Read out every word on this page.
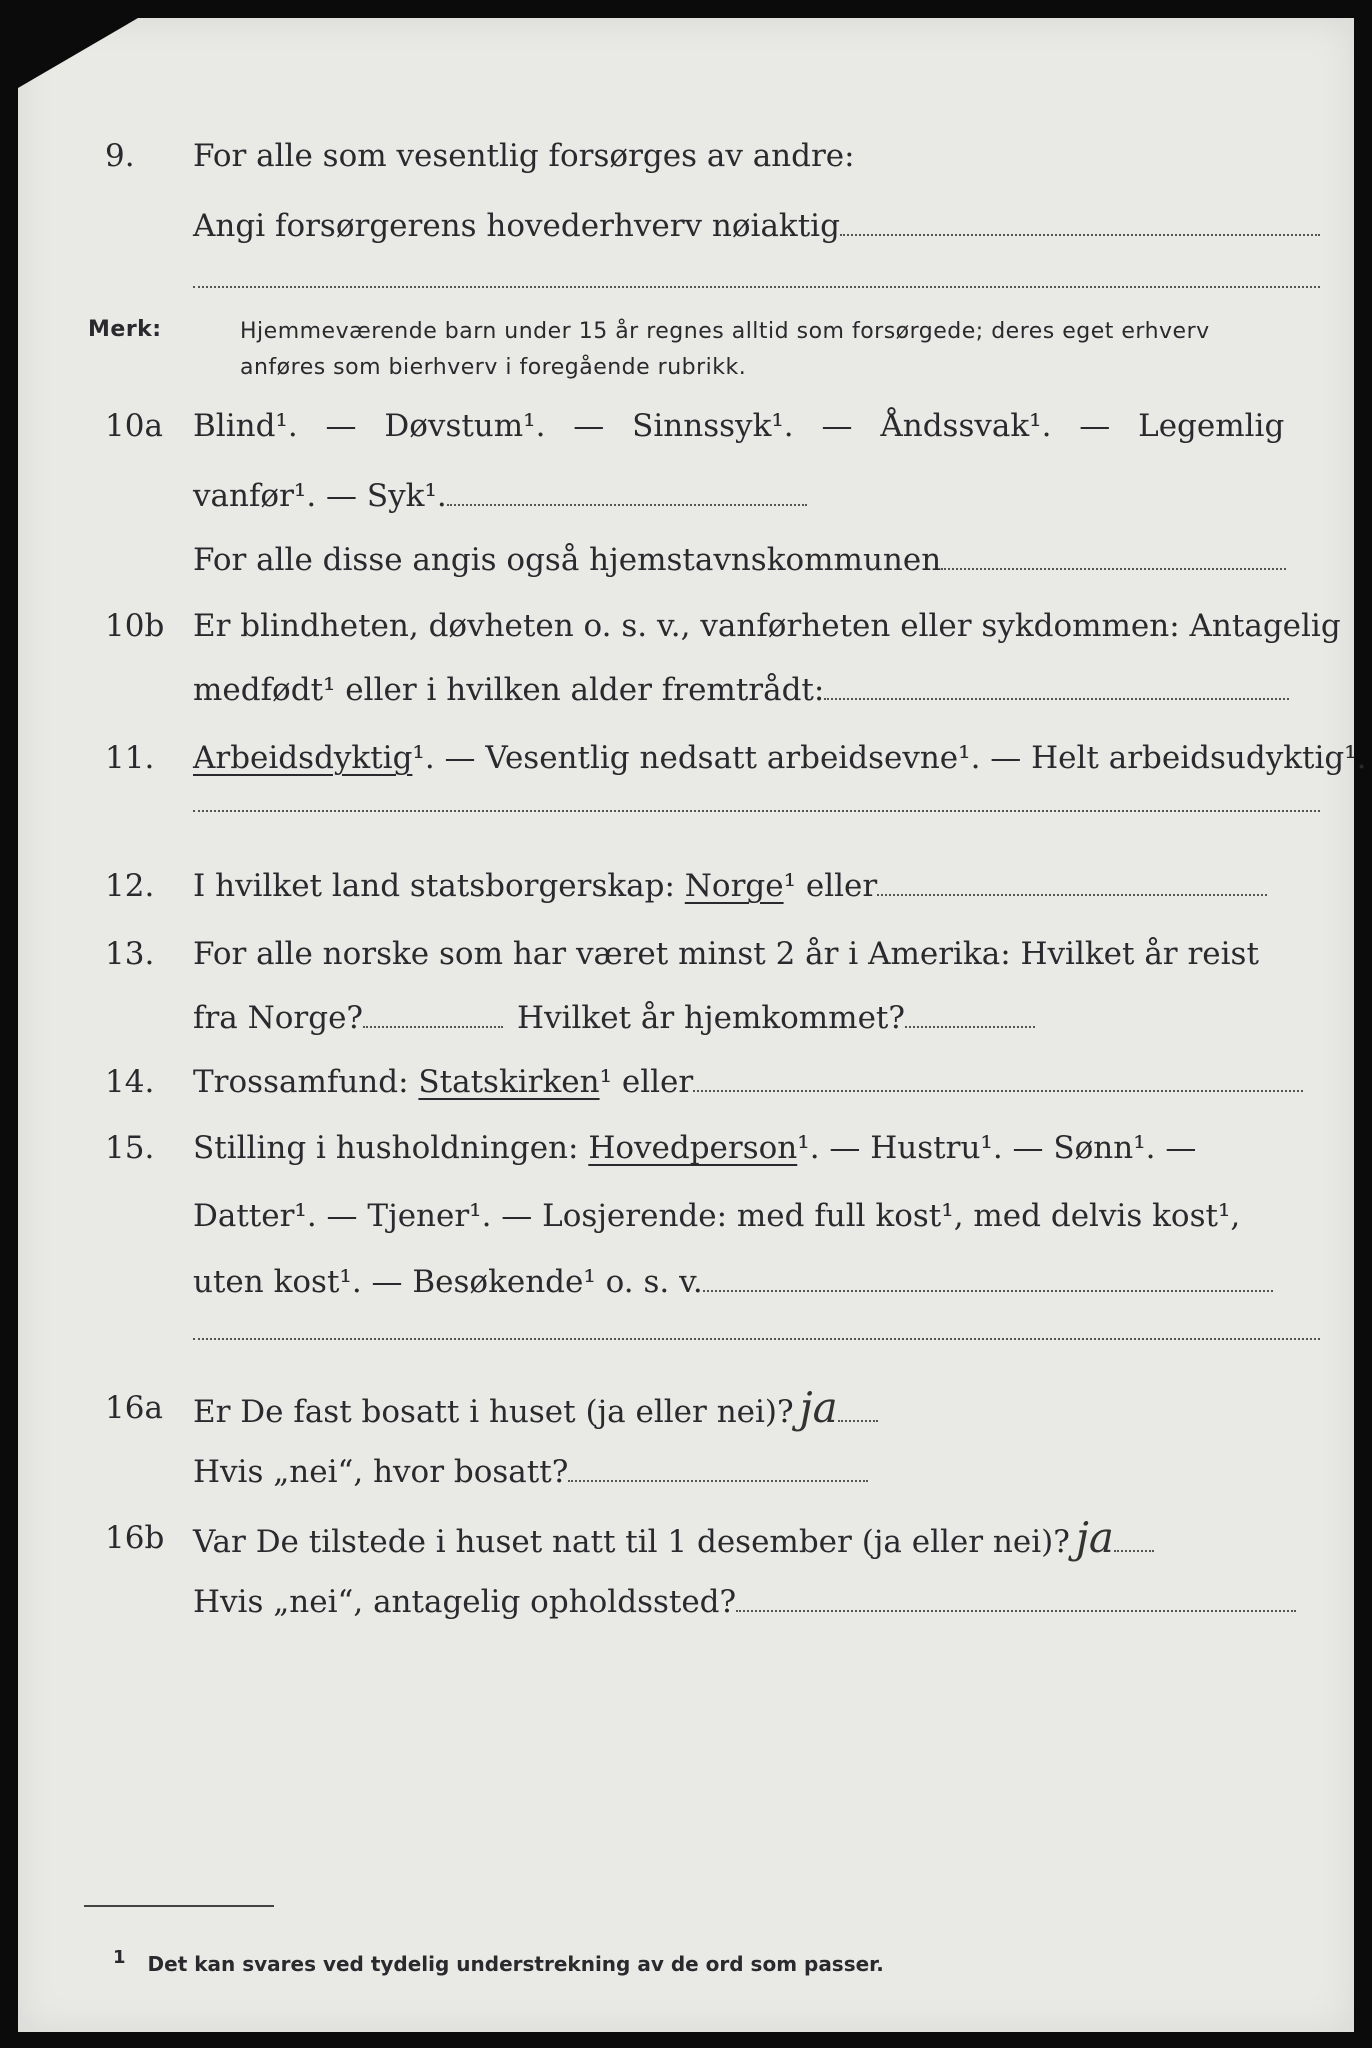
9. For alle som vesentlig forsørges av andre:
Angi forsørgerens hovederhverv nøiaktig
Merk:	Hjemmeværende barn under 15 år regnes alltid som forsørgede; deres eget erhverv
anføres som bierhverv i foregående rubrikk.
10a Blind¹. — Døvstum¹. — Sinnssyk¹. — Åndssvak¹. — Legemlig
vanfør¹. — Syk¹.
For alle disse angis også hjemstavnskommunen
10b Er blindheten, døvheten o. s. v., vanførheten eller sykdommen: Antagelig
medfødt¹ eller i hvilken alder fremtrådt:
11. Arbeidsdyktig¹. — Vesentlig nedsatt arbeidsevne¹. — Helt arbeidsudyktig¹.
12. I hvilket land statsborgerskap: Norge¹ eller
13. For alle norske som har været minst 2 år i Amerika: Hvilket år reist
fra Norge?	Hvilket år hjemkommet?
14. Trossamfund: Statskirken¹ eller
15. Stilling i husholdningen: Hovedperson¹. — Hustru¹. — Sønn¹. —
Datter¹. — Tjener¹. — Losjerende: med full kost¹, med delvis kost¹,
uten kost¹. — Besøkende¹ o. s. v.
16a Er De fast bosatt i huset (ja eller nei)? ja
Hvis „nei“, hvor bosatt?
16b Var De tilstede i huset natt til 1 desember (ja eller nei)? ja
Hvis „nei“, antagelig opholdssted?
$^1$ Det kan svares ved tydelig understrekning av de ord som passer.
